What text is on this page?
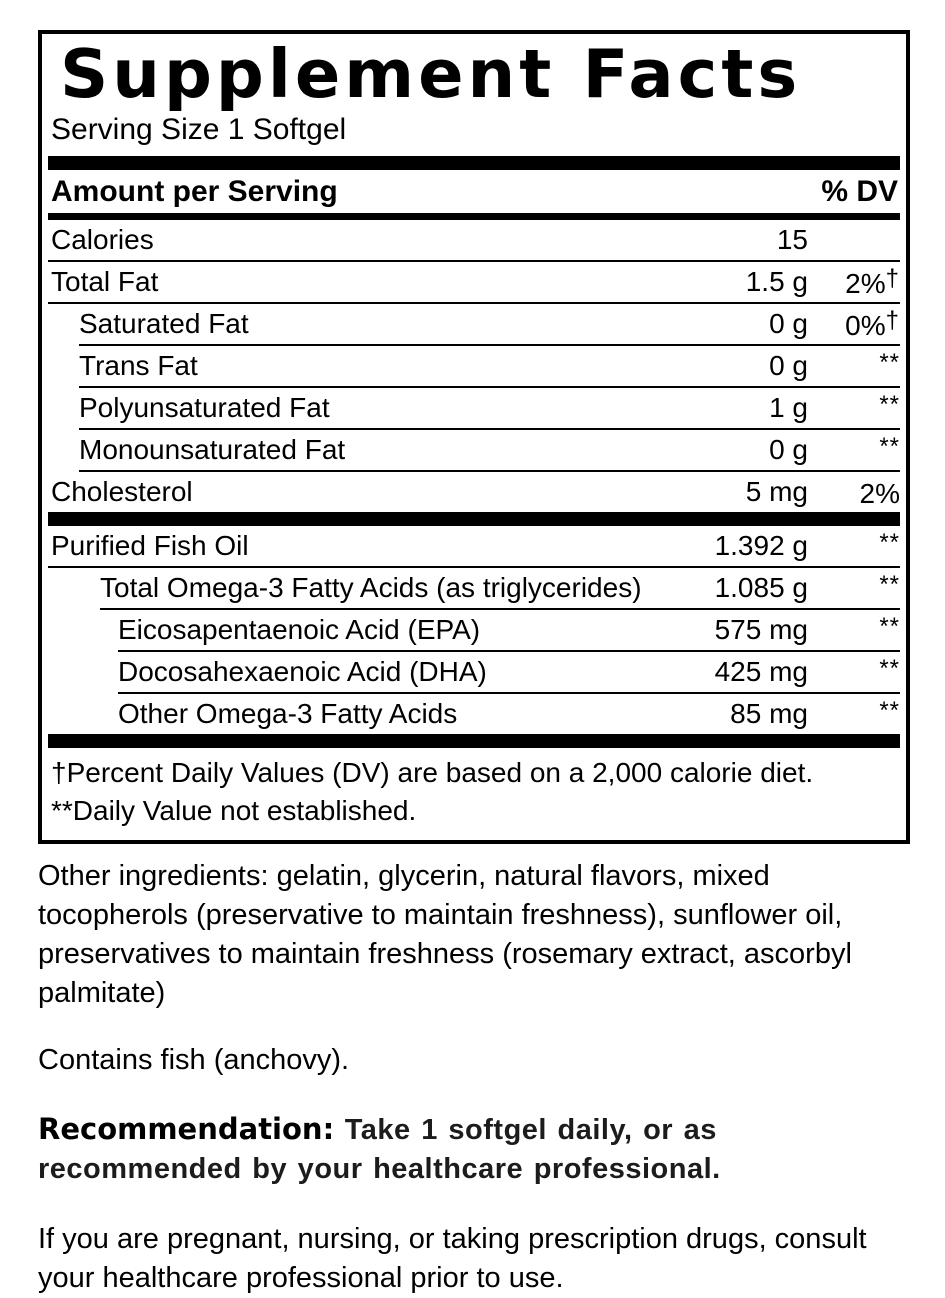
Supplement Facts
Serving Size 1 Softgel
Amount per Serving	% DV
Calories	15
Total Fat	1.5 g	2%†
Saturated Fat	0 g	0%†
Trans Fat	0 g	**
Polyunsaturated Fat	1 g	**
Monounsaturated Fat	0 g	**
Cholesterol	5 mg	2%
Purified Fish Oil	1.392 g	**
Total Omega-3 Fatty Acids (as triglycerides)	1.085 g	**
Eicosapentaenoic Acid (EPA)	575 mg	**
Docosahexaenoic Acid (DHA)	425 mg	**
Other Omega-3 Fatty Acids	85 mg	**
†Percent Daily Values (DV) are based on a 2,000 calorie diet.
**Daily Value not established.
Other ingredients: gelatin, glycerin, natural flavors, mixed tocopherols (preservative to maintain freshness), sunflower oil, preservatives to maintain freshness (rosemary extract, ascorbyl palmitate)
Contains fish (anchovy).
Recommendation: Take 1 softgel daily, or as recommended by your healthcare professional.
If you are pregnant, nursing, or taking prescription drugs, consult your healthcare professional prior to use.
